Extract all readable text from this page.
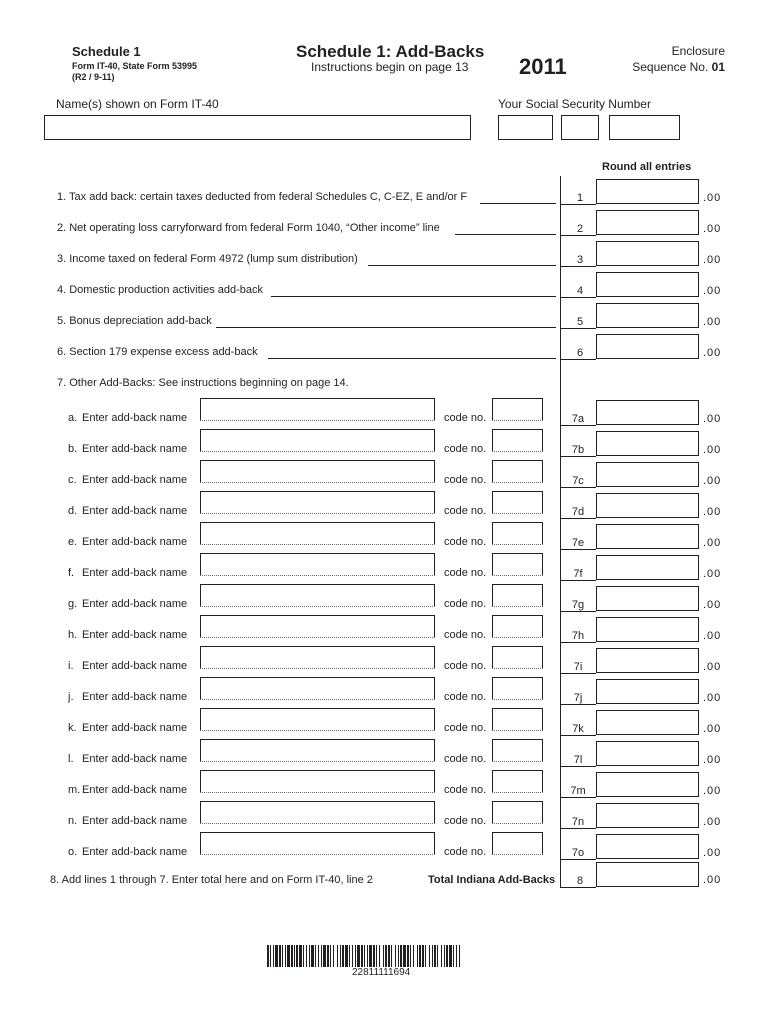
Schedule 1
Form IT-40, State Form 53995
(R2 / 9-11)
Schedule 1: Add-Backs
Instructions begin on page 13 2011
Enclosure
Sequence No. 01
Name(s) shown on Form IT-40	Your Social Security Number
Round all entries
1. Tax add back: certain taxes deducted from federal Schedules C, C-EZ, E and/or F	1	.00
2. Net operating loss carryforward from federal Form 1040, “Other income” line	2	.00
3. Income taxed on federal Form 4972 (lump sum distribution)	3	.00
4. Domestic production activities add-back	4	.00
5. Bonus depreciation add-back	5	.00
6. Section 179 expense excess add-back	6	.00
7. Other Add-Backs: See instructions beginning on page 14.
a. Enter add-back name	code no.	7a	.00
b. Enter add-back name	code no.	7b	.00
c. Enter add-back name	code no.	7c	.00
d. Enter add-back name	code no.	7d	.00
e. Enter add-back name	code no.	7e	.00
f. Enter add-back name	code no.	7f	.00
g. Enter add-back name	code no.	7g	.00
h. Enter add-back name	code no.	7h	.00
i. Enter add-back name	code no.	7i	.00
j. Enter add-back name	code no.	7j	.00
k. Enter add-back name	code no.	7k	.00
l. Enter add-back name	code no.	7l	.00
m. Enter add-back name	code no.	7m	.00
n. Enter add-back name	code no.	7n	.00
o. Enter add-back name	code no.	7o	.00
8. Add lines 1 through 7. Enter total here and on Form IT-40, line 2	Total Indiana Add-Backs	8	.00
22811111694
